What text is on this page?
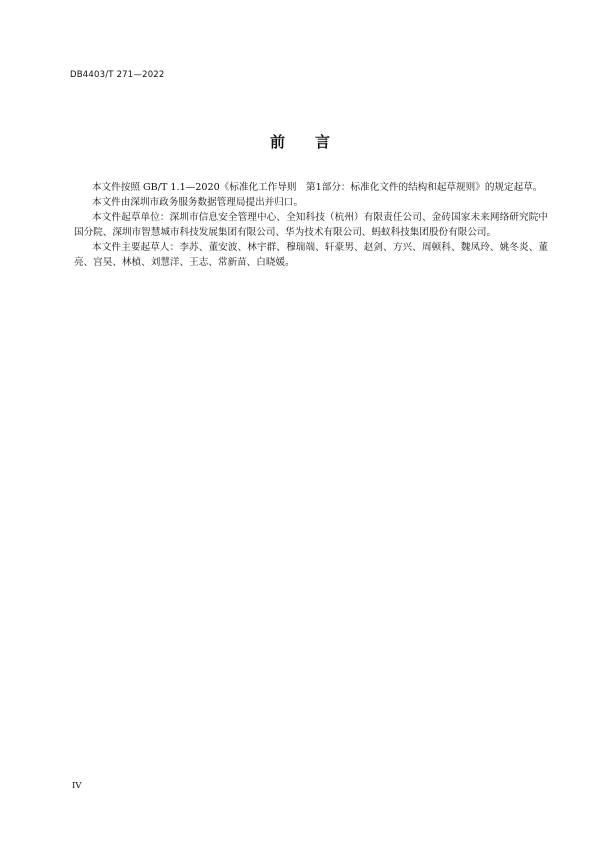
DB4403/T 271—2022
前 言

本文件按照 GB/T 1.1—2020《标准化工作导则　第1部分：标准化文件的结构和起草规则》的规定起草。

本文件由深圳市政务服务数据管理局提出并归口。

本文件起草单位：深圳市信息安全管理中心、全知科技（杭州）有限责任公司、金砖国家未来网络研究院中国分院、深圳市智慧城市科技发展集团有限公司、华为技术有限公司、蚂蚁科技集团股份有限公司。

本文件主要起草人：李苏、董安波、林宇群、穆瑞端、轩豪男、赵剑、方兴、周顿科、魏凤玲、姚冬炎、董亮、宫昊、林楨、刘慧洋、王志、常新苗、白晓媛。

IV
